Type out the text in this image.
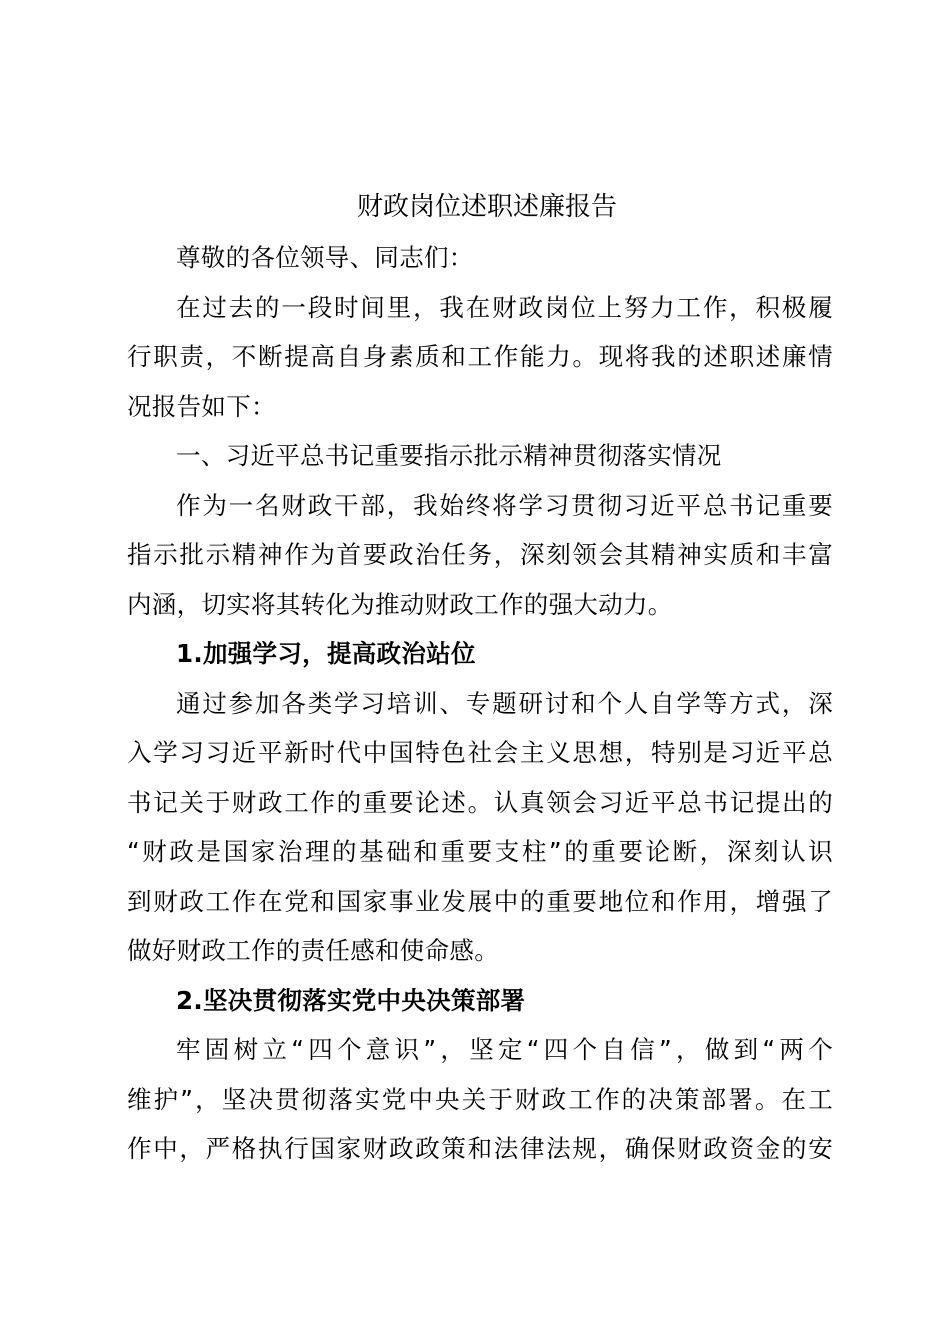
财政岗位述职述廉报告

尊敬的各位领导、同志们：

在过去的一段时间里，我在财政岗位上努力工作，积极履
行职责，不断提高自身素质和工作能力。现将我的述职述廉情
况报告如下：

一、习近平总书记重要指示批示精神贯彻落实情况

作为一名财政干部，我始终将学习贯彻习近平总书记重要
指示批示精神作为首要政治任务，深刻领会其精神实质和丰富
内涵，切实将其转化为推动财政工作的强大动力。

1.加强学习，提高政治站位

通过参加各类学习培训、专题研讨和个人自学等方式，深
入学习习近平新时代中国特色社会主义思想，特别是习近平总
书记关于财政工作的重要论述。认真领会习近平总书记提出的
“财政是国家治理的基础和重要支柱”的重要论断，深刻认识
到财政工作在党和国家事业发展中的重要地位和作用，增强了
做好财政工作的责任感和使命感。

2.坚决贯彻落实党中央决策部署

牢固树立“四个意识”，坚定“四个自信”，做到“两个
维护”，坚决贯彻落实党中央关于财政工作的决策部署。在工
作中，严格执行国家财政政策和法律法规，确保财政资金的安
